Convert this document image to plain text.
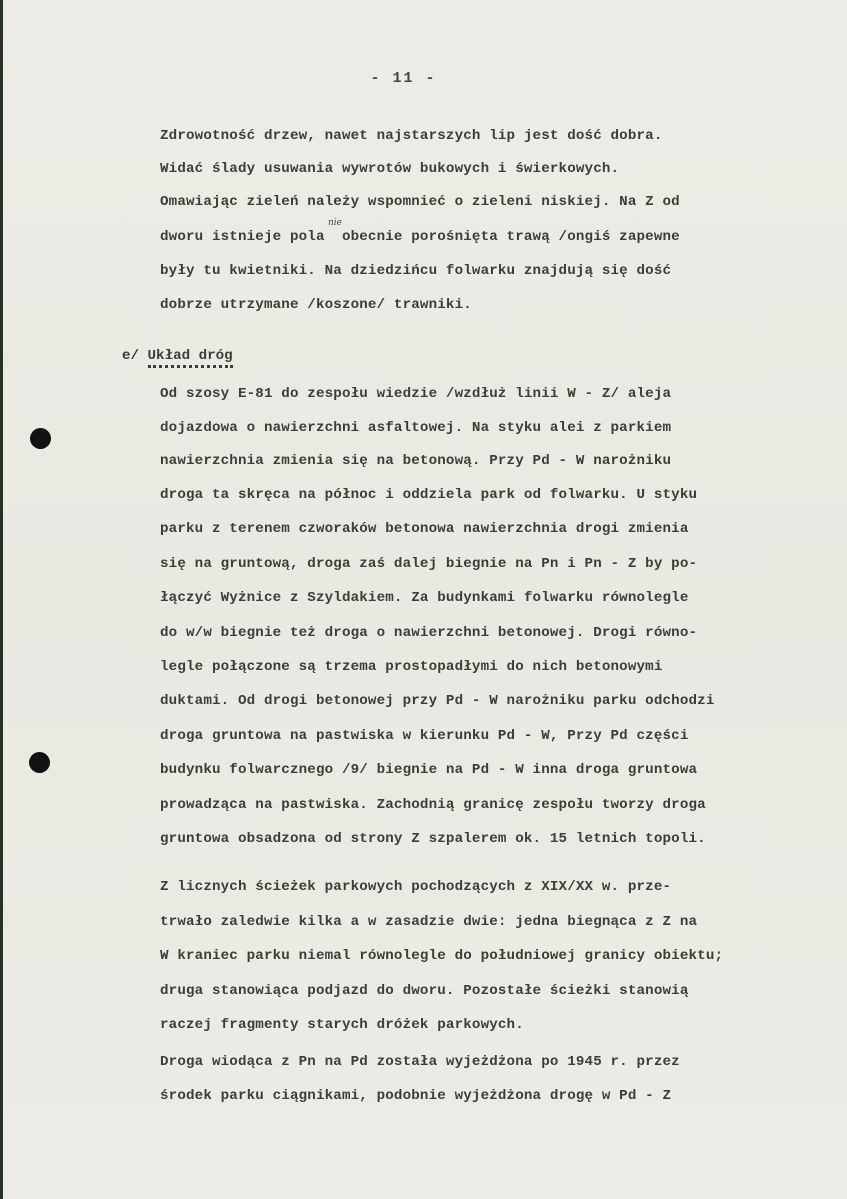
- 11 -
Zdrowotność drzew, nawet najstarszych lip jest dość dobra.
Widać ślady usuwania wywrotów bukowych i świerkowych.
Omawiając zieleń należy wspomnieć o zieleni niskiej. Na Z od
dworu istnieje pola  obecnie porośnięta trawą /ongiś zapewne
nie
były tu kwietniki. Na dziedzińcu folwarku znajdują się dość
dobrze utrzymane /koszone/ trawniki.
e/ Układ dróg
Od szosy E-81 do zespołu wiedzie /wzdłuż linii W - Z/ aleja
dojazdowa o nawierzchni asfaltowej. Na styku alei z parkiem
nawierzchnia zmienia się na betonową. Przy Pd - W narożniku
droga ta skręca na północ i oddziela park od folwarku. U styku
parku z terenem czworaków betonowa nawierzchnia drogi zmienia
się na gruntową, droga zaś dalej biegnie na Pn i Pn - Z by po-
łączyć Wyżnice z Szyldakiem. Za budynkami folwarku równolegle
do w/w biegnie też droga o nawierzchni betonowej. Drogi równo-
legle połączone są trzema prostopadłymi do nich betonowymi
duktami. Od drogi betonowej przy Pd - W narożniku parku odchodzi
droga gruntowa na pastwiska w kierunku Pd - W, Przy Pd części
budynku folwarcznego /9/ biegnie na Pd - W inna droga gruntowa
prowadząca na pastwiska. Zachodnią granicę zespołu tworzy droga
gruntowa obsadzona od strony Z szpalerem ok. 15 letnich topoli.
Z licznych ścieżek parkowych pochodzących z XIX/XX w. prze-
trwało zaledwie kilka a w zasadzie dwie: jedna biegnąca z Z na
W kraniec parku niemal równolegle do południowej granicy obiektu;
druga stanowiąca podjazd do dworu. Pozostałe ścieżki stanowią
raczej fragmenty starych dróżek parkowych.
Droga wiodąca z Pn na Pd została wyjeżdżona po 1945 r. przez
środek parku ciągnikami, podobnie wyjeżdżona drogę w Pd - Z
